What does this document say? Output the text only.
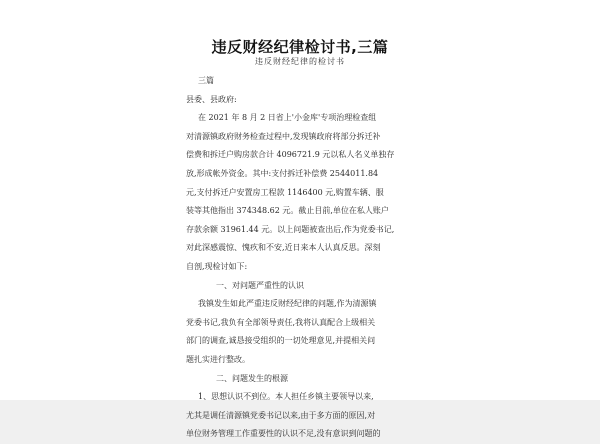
违反财经纪律检讨书,三篇
违反财经纪律的检讨书
三篇
县委、县政府:
在 2021 年 8 月 2 日省上'小金库'专项治理检查组
对清源镇政府财务检查过程中,发现镇政府将部分拆迁补
偿费和拆迁户购房款合计 4096721.9 元以私人名义单独存
放,形成帐外资金。其中:支付拆迁补偿费 2544011.84
元,支付拆迁户安置房工程款 1146400 元,购置车辆、服
装等其他指出 374348.62 元。截止目前,单位在私人账户
存款余额 31961.44 元。以上问题被查出后,作为党委书记,
对此深感震惊、愧疚和不安,近日来本人认真反思。深刻
自剖,现检讨如下:
一、对问题严重性的认识
我镇发生如此严重违反财经纪律的问题,作为清源镇
党委书记,我负有全部领导责任,我将认真配合上级相关
部门的调查,诚恳接受组织的一切处理意见,并提相关问
题扎实进行整改。
二、问题发生的根源
1、思想认识不到位。本人担任乡镇主要领导以来,
尤其是调任清源镇党委书记以来,由于多方面的原因,对
单位财务管理工作重要性的认识不足,没有意识到问题的
